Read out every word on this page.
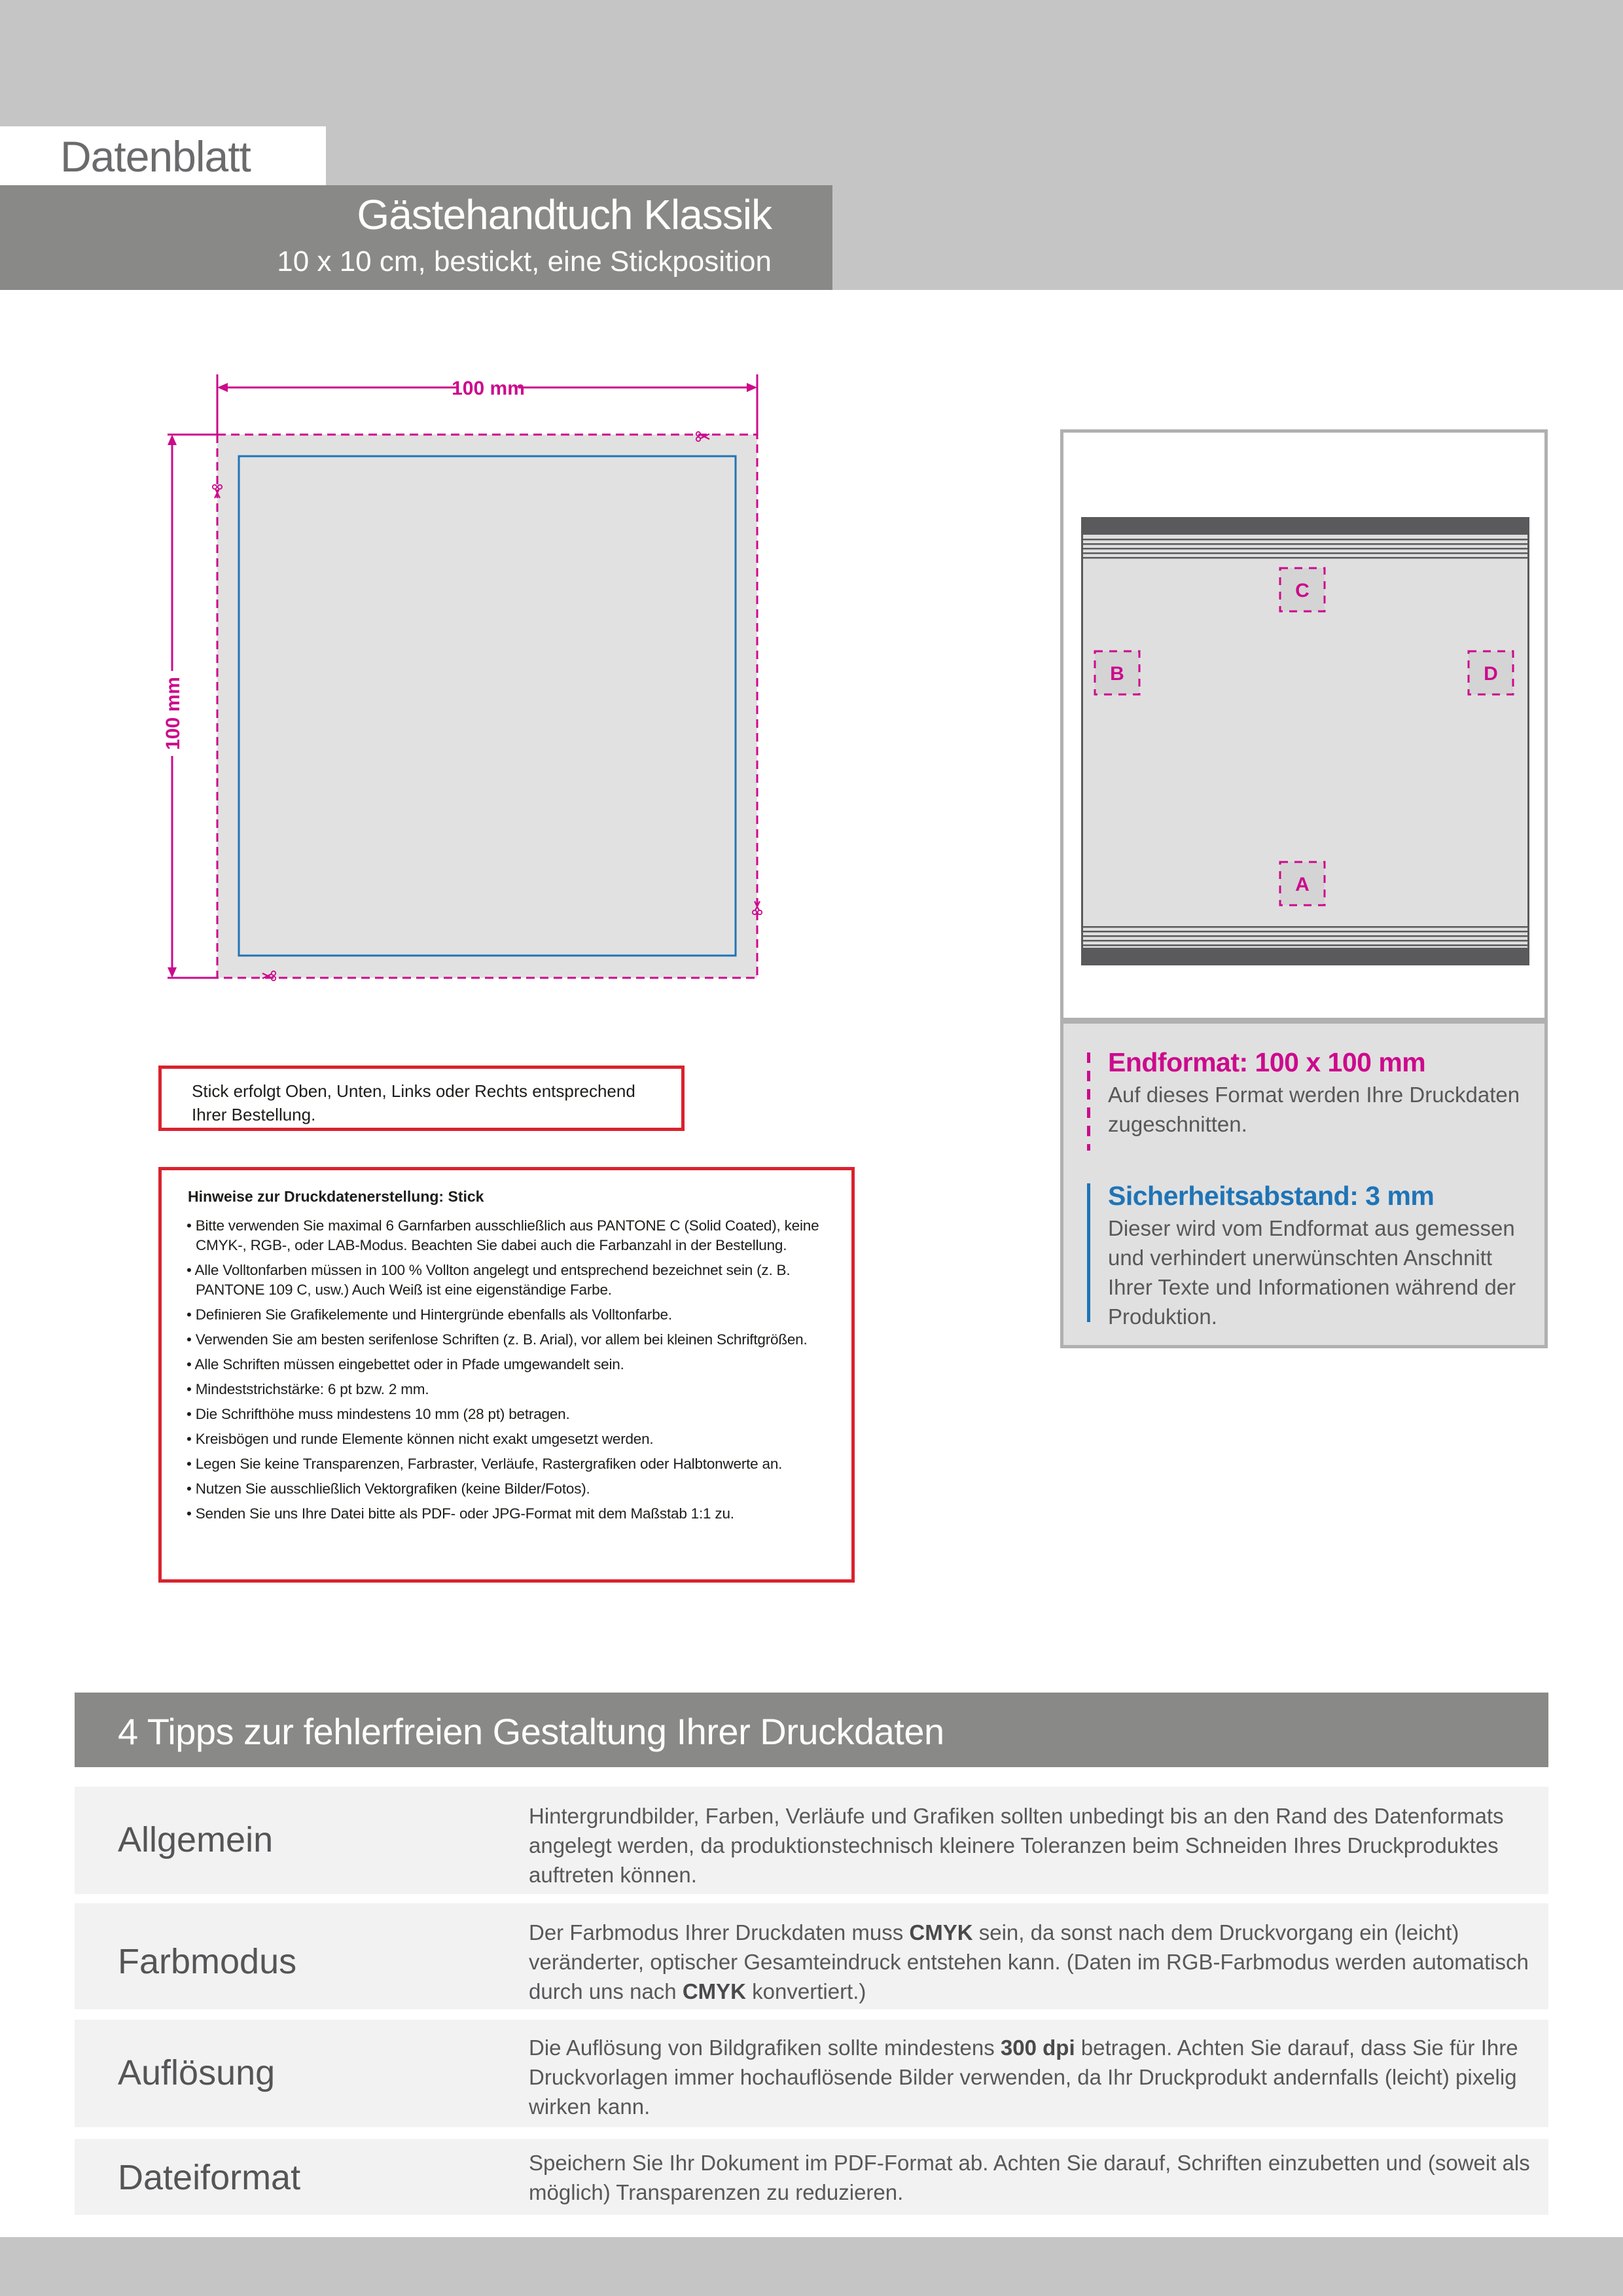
Datenblatt
Gästehandtuch Klassik
10 x 10 cm, bestickt, eine Stickposition
100 mm
100 mm

Stick erfolgt Oben, Unten, Links oder Rechts entsprechend Ihrer Bestellung.

Hinweise zur Druckdatenerstellung: Stick
• Bitte verwenden Sie maximal 6 Garnfarben ausschließlich aus PANTONE C (Solid Coated), keine CMYK-, RGB-, oder LAB-Modus. Beachten Sie dabei auch die Farbanzahl in der Bestellung.
• Alle Volltonfarben müssen in 100 % Vollton angelegt und entsprechend bezeichnet sein (z. B. PANTONE 109 C, usw.) Auch Weiß ist eine eigenständige Farbe.
• Definieren Sie Grafikelemente und Hintergründe ebenfalls als Volltonfarbe.
• Verwenden Sie am besten serifenlose Schriften (z. B. Arial), vor allem bei kleinen Schriftgrößen.
• Alle Schriften müssen eingebettet oder in Pfade umgewandelt sein.
• Mindeststrichstärke: 6 pt bzw. 2 mm.
• Die Schrifthöhe muss mindestens 10 mm (28 pt) betragen.
• Kreisbögen und runde Elemente können nicht exakt umgesetzt werden.
• Legen Sie keine Transparenzen, Farbraster, Verläufe, Rastergrafiken oder Halbtonwerte an.
• Nutzen Sie ausschließlich Vektorgrafiken (keine Bilder/Fotos).
• Senden Sie uns Ihre Datei bitte als PDF- oder JPG-Format mit dem Maßstab 1:1 zu.
C
B	D
A
Endformat: 100 x 100 mm
Auf dieses Format werden Ihre Druckdaten zugeschnitten.
Sicherheitsabstand: 3 mm
Dieser wird vom Endformat aus gemessen und verhindert unerwünschten Anschnitt Ihrer Texte und Informationen während der Produktion.
4 Tipps zur fehlerfreien Gestaltung Ihrer Druckdaten
Allgemein
Hintergrundbilder, Farben, Verläufe und Grafiken sollten unbedingt bis an den Rand des Datenformats angelegt werden, da produktionstechnisch kleinere Toleranzen beim Schneiden Ihres Druckproduktes auftreten können.
Farbmodus
Der Farbmodus Ihrer Druckdaten muss CMYK sein, da sonst nach dem Druckvorgang ein (leicht) veränderter, optischer Gesamteindruck entstehen kann. (Daten im RGB-Farbmodus werden automatisch durch uns nach CMYK konvertiert.)
Auflösung
Die Auflösung von Bildgrafiken sollte mindestens 300 dpi betragen. Achten Sie darauf, dass Sie für Ihre Druckvorlagen immer hochauflösende Bilder verwenden, da Ihr Druckprodukt andernfalls (leicht) pixelig wirken kann.
Dateiformat	Speichern Sie Ihr Dokument im PDF-Format ab. Achten Sie darauf, Schriften einzubetten und (soweit als möglich) Transparenzen zu reduzieren.
